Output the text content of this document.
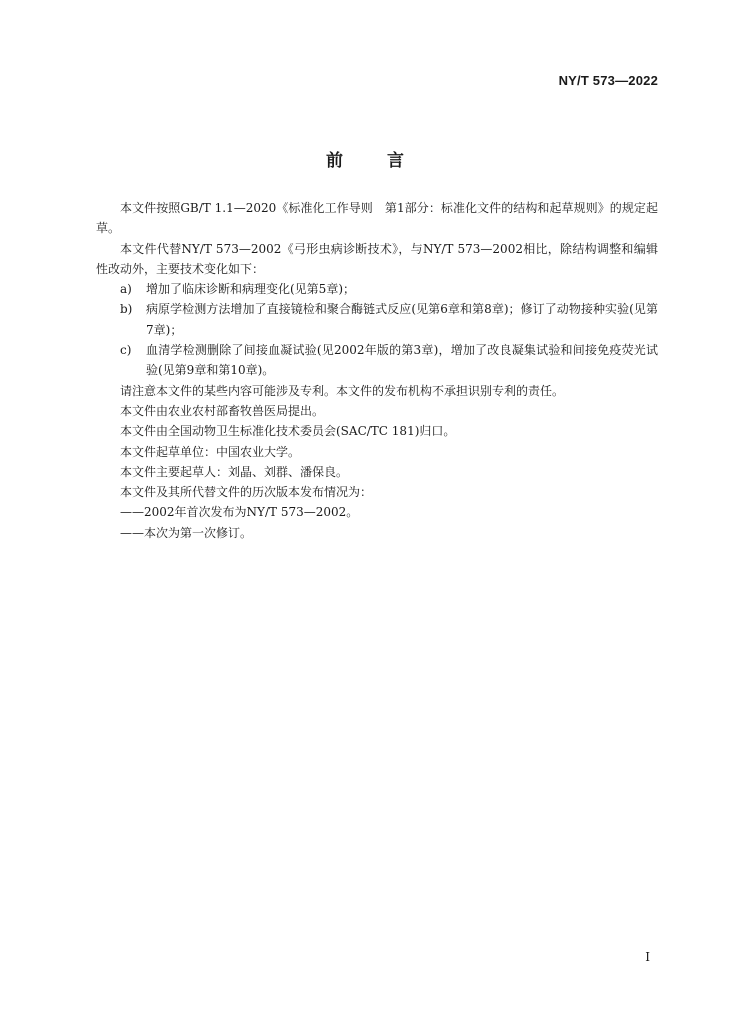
NY/T 573—2022
前	言

本文件按照GB/T 1.1—2020《标准化工作导则　第1部分：标准化文件的结构和起草规则》的规定起草。

本文件代替NY/T 573—2002《弓形虫病诊断技术》，与NY/T 573—2002相比，除结构调整和编辑性改动外，主要技术变化如下：

a) 增加了临床诊断和病理变化(见第5章)；

b) 病原学检测方法增加了直接镜检和聚合酶链式反应(见第6章和第8章)；修订了动物接种实验(见第7章)；

c) 血清学检测删除了间接血凝试验(见2002年版的第3章)，增加了改良凝集试验和间接免疫荧光试验(见第9章和第10章)。

请注意本文件的某些内容可能涉及专利。本文件的发布机构不承担识别专利的责任。

本文件由农业农村部畜牧兽医局提出。

本文件由全国动物卫生标准化技术委员会(SAC/TC 181)归口。

本文件起草单位：中国农业大学。

本文件主要起草人：刘晶、刘群、潘保良。

本文件及其所代替文件的历次版本发布情况为：

——2002年首次发布为NY/T 573—2002。

——本次为第一次修订。

I
